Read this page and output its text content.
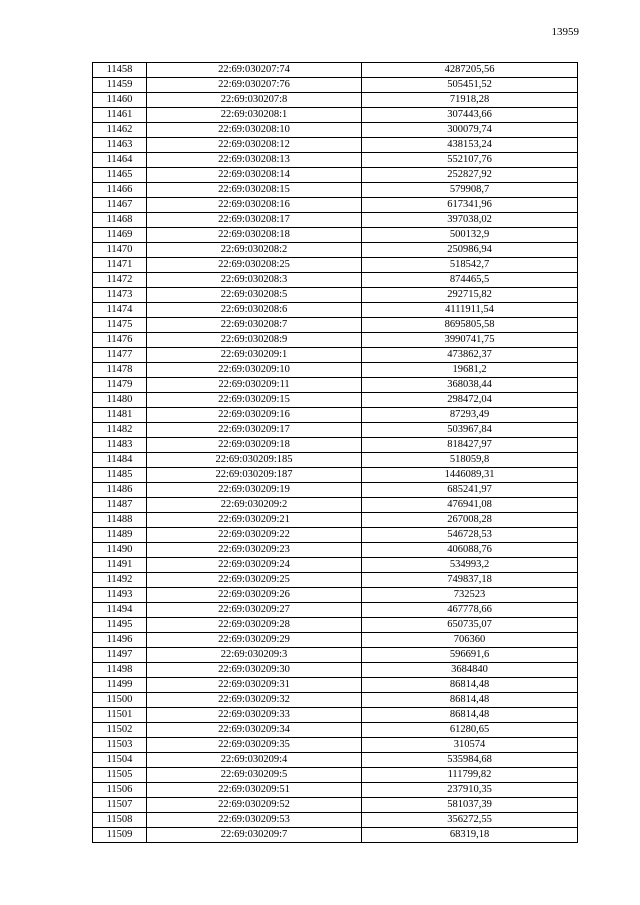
13959
11458	22:69:030207:74	4287205,56
11459	22:69:030207:76	505451,52
11460	22:69:030207:8	71918,28
11461	22:69:030208:1	307443,66
11462	22:69:030208:10	300079,74
11463	22:69:030208:12	438153,24
11464	22:69:030208:13	552107,76
11465	22:69:030208:14	252827,92
11466	22:69:030208:15	579908,7
11467	22:69:030208:16	617341,96
11468	22:69:030208:17	397038,02
11469	22:69:030208:18	500132,9
11470	22:69:030208:2	250986,94
11471	22:69:030208:25	518542,7
11472	22:69:030208:3	874465,5
11473	22:69:030208:5	292715,82
11474	22:69:030208:6	4111911,54
11475	22:69:030208:7	8695805,58
11476	22:69:030208:9	3990741,75
11477	22:69:030209:1	473862,37
11478	22:69:030209:10	19681,2
11479	22:69:030209:11	368038,44
11480	22:69:030209:15	298472,04
11481	22:69:030209:16	87293,49
11482	22:69:030209:17	503967,84
11483	22:69:030209:18	818427,97
11484	22:69:030209:185	518059,8
11485	22:69:030209:187	1446089,31
11486	22:69:030209:19	685241,97
11487	22:69:030209:2	476941,08
11488	22:69:030209:21	267008,28
11489	22:69:030209:22	546728,53
11490	22:69:030209:23	406088,76
11491	22:69:030209:24	534993,2
11492	22:69:030209:25	749837,18
11493	22:69:030209:26	732523
11494	22:69:030209:27	467778,66
11495	22:69:030209:28	650735,07
11496	22:69:030209:29	706360
11497	22:69:030209:3	596691,6
11498	22:69:030209:30	3684840
11499	22:69:030209:31	86814,48
11500	22:69:030209:32	86814,48
11501	22:69:030209:33	86814,48
11502	22:69:030209:34	61280,65
11503	22:69:030209:35	310574
11504	22:69:030209:4	535984,68
11505	22:69:030209:5	111799,82
11506	22:69:030209:51	237910,35
11507	22:69:030209:52	581037,39
11508	22:69:030209:53	356272,55
11509	22:69:030209:7	68319,18
